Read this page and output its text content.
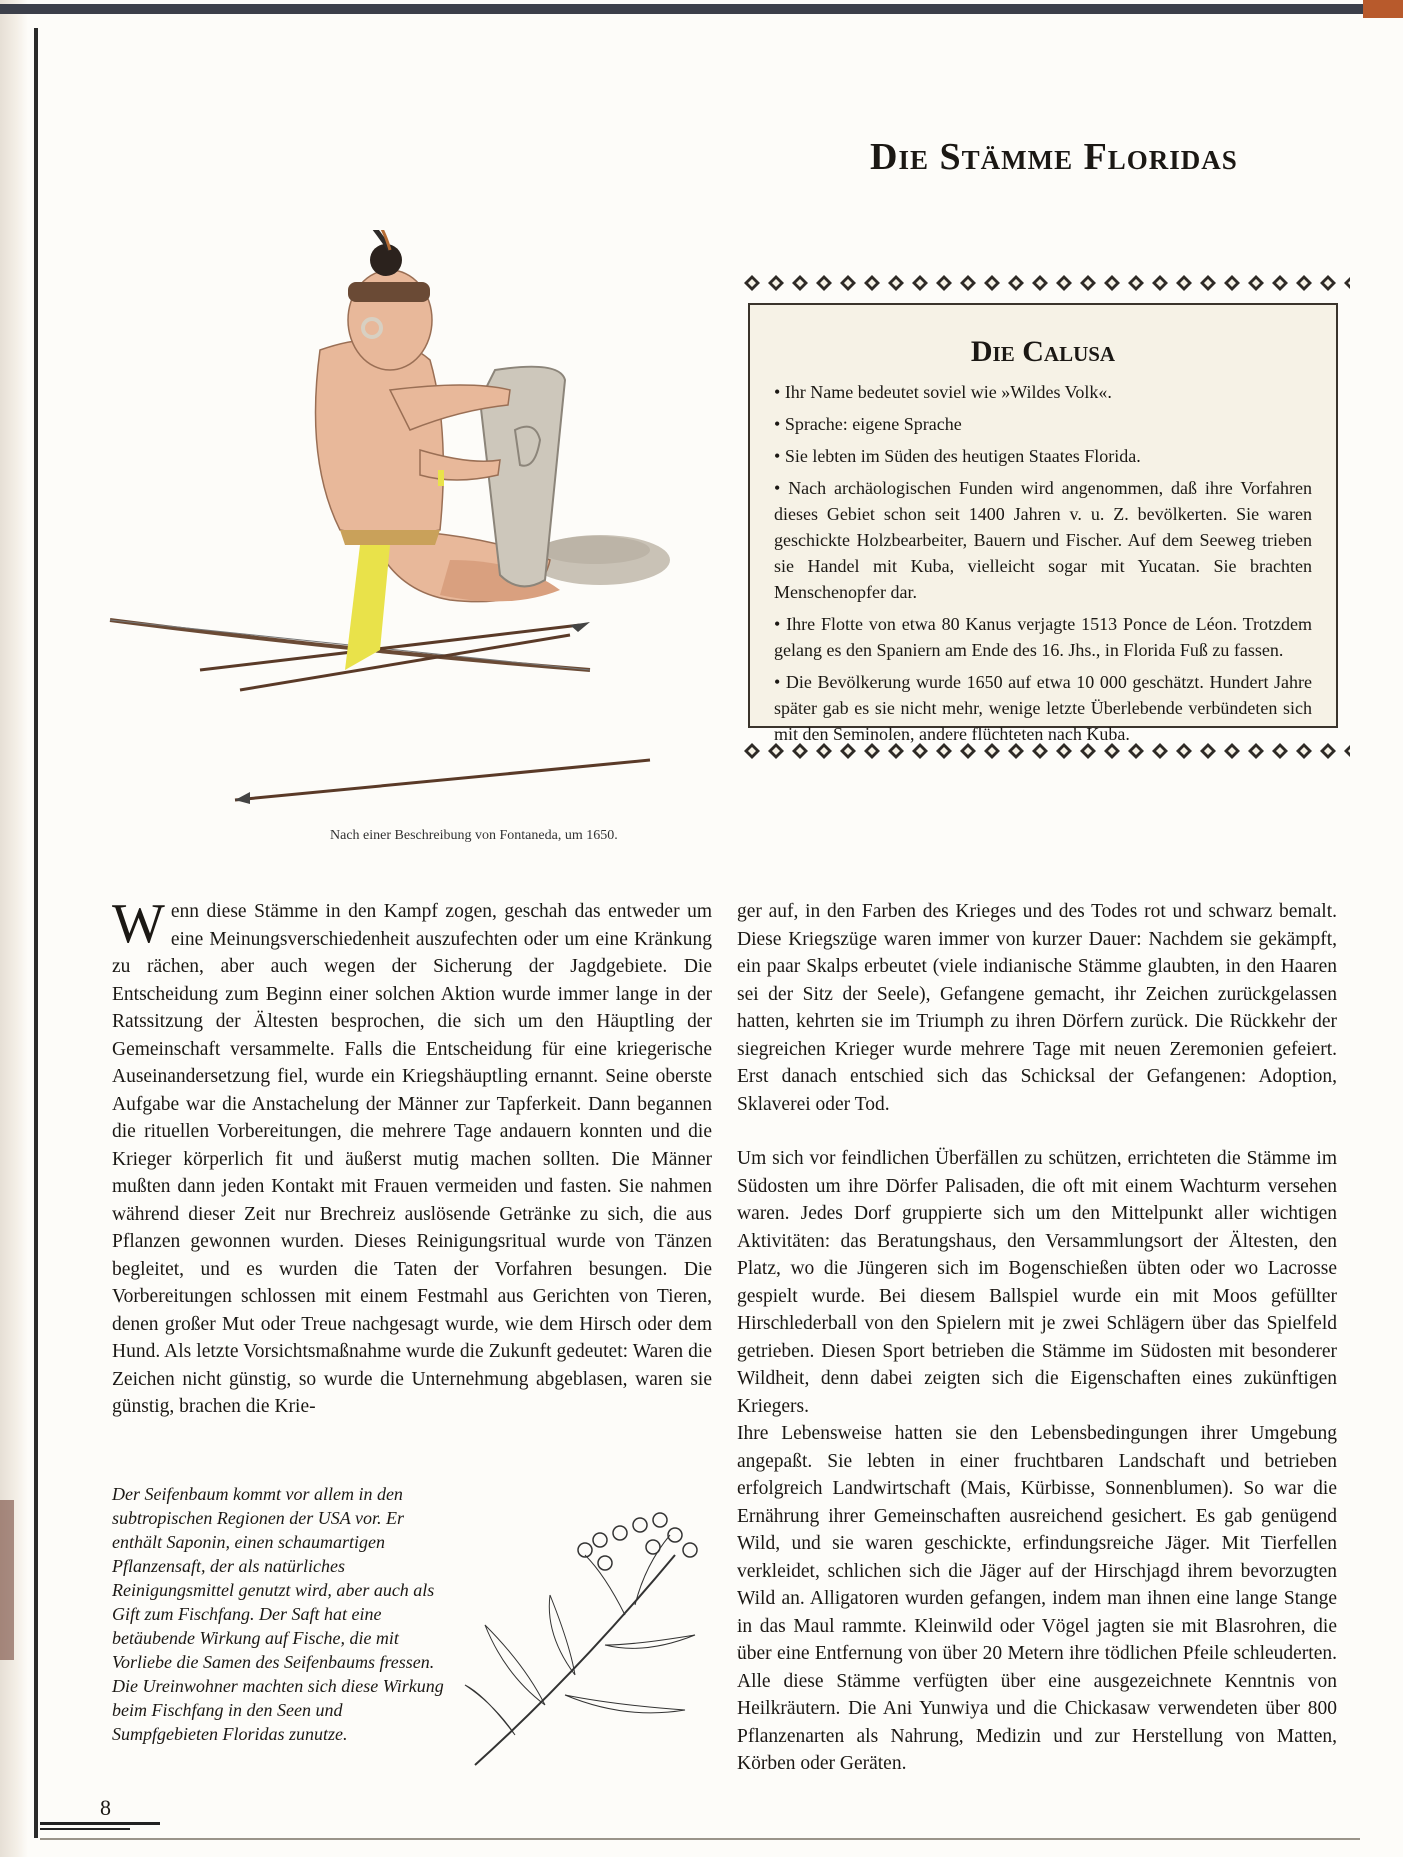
Die Stämme Floridas
Nach einer Beschreibung von Fontaneda, um 1650.
Die Calusa
• Ihr Name bedeutet soviel wie »Wildes Volk«.
• Sprache: eigene Sprache
• Sie lebten im Süden des heutigen Staates Florida.
• Nach archäologischen Funden wird angenommen, daß ihre Vorfahren dieses Gebiet schon seit 1400 Jahren v. u. Z. bevölkerten. Sie waren geschickte Holzbearbeiter, Bauern und Fischer. Auf dem Seeweg trieben sie Handel mit Kuba, vielleicht sogar mit Yucatan. Sie brachten Menschenopfer dar.
• Ihre Flotte von etwa 80 Kanus verjagte 1513 Ponce de Léon. Trotzdem gelang es den Spaniern am Ende des 16. Jhs., in Florida Fuß zu fassen.
• Die Bevölkerung wurde 1650 auf etwa 10 000 geschätzt. Hundert Jahre später gab es sie nicht mehr, wenige letzte Überlebende verbündeten sich mit den Seminolen, andere flüchteten nach Kuba.

Wenn diese Stämme in den Kampf zogen, geschah das entweder um eine Meinungsverschiedenheit auszufechten oder um eine Kränkung zu rächen, aber auch wegen der Sicherung der Jagdgebiete. Die Entscheidung zum Beginn einer solchen Aktion wurde immer lange in der Ratssitzung der Ältesten besprochen, die sich um den Häuptling der Gemeinschaft versammelte. Falls die Entscheidung für eine kriegerische Auseinandersetzung fiel, wurde ein Kriegshäuptling ernannt. Seine oberste Aufgabe war die Anstachelung der Männer zur Tapferkeit. Dann begannen die rituellen Vorbereitungen, die mehrere Tage andauern konnten und die Krieger körperlich fit und äußerst mutig machen sollten. Die Männer mußten dann jeden Kontakt mit Frauen vermeiden und fasten. Sie nahmen während dieser Zeit nur Brechreiz auslösende Getränke zu sich, die aus Pflanzen gewonnen wurden. Dieses Reinigungsritual wurde von Tänzen begleitet, und es wurden die Taten der Vorfahren besungen. Die Vorbereitungen schlossen mit einem Festmahl aus Gerichten von Tieren, denen großer Mut oder Treue nachgesagt wurde, wie dem Hirsch oder dem Hund. Als letzte Vorsichtsmaßnahme wurde die Zukunft gedeutet: Waren die Zeichen nicht günstig, so wurde die Unternehmung abgeblasen, waren sie günstig, brachen die Krie-

ger auf, in den Farben des Krieges und des Todes rot und schwarz bemalt. Diese Kriegszüge waren immer von kurzer Dauer: Nachdem sie gekämpft, ein paar Skalps erbeutet (viele indianische Stämme glaubten, in den Haaren sei der Sitz der Seele), Gefangene gemacht, ihr Zeichen zurückgelassen hatten, kehrten sie im Triumph zu ihren Dörfern zurück. Die Rückkehr der siegreichen Krieger wurde mehrere Tage mit neuen Zeremonien gefeiert. Erst danach entschied sich das Schicksal der Gefangenen: Adoption, Sklaverei oder Tod.

Um sich vor feindlichen Überfällen zu schützen, errichteten die Stämme im Südosten um ihre Dörfer Palisaden, die oft mit einem Wachturm versehen waren. Jedes Dorf gruppierte sich um den Mittelpunkt aller wichtigen Aktivitäten: das Beratungshaus, den Versammlungsort der Ältesten, den Platz, wo die Jüngeren sich im Bogenschießen übten oder wo Lacrosse gespielt wurde. Bei diesem Ballspiel wurde ein mit Moos gefüllter Hirschlederball von den Spielern mit je zwei Schlägern über das Spielfeld getrieben. Diesen Sport betrieben die Stämme im Südosten mit besonderer Wildheit, denn dabei zeigten sich die Eigenschaften eines zukünftigen Kriegers.

Ihre Lebensweise hatten sie den Lebensbedingungen ihrer Umgebung angepaßt. Sie lebten in einer fruchtbaren Landschaft und betrieben erfolgreich Landwirtschaft (Mais, Kürbisse, Sonnenblumen). So war die Ernährung ihrer Gemeinschaften ausreichend gesichert. Es gab genügend Wild, und sie waren geschickte, erfindungsreiche Jäger. Mit Tierfellen verkleidet, schlichen sich die Jäger auf der Hirschjagd ihrem bevorzugten Wild an. Alligatoren wurden gefangen, indem man ihnen eine lange Stange in das Maul rammte. Kleinwild oder Vögel jagten sie mit Blasrohren, die über eine Entfernung von über 20 Metern ihre tödlichen Pfeile schleuderten. Alle diese Stämme verfügten über eine ausgezeichnete Kenntnis von Heilkräutern. Die Ani Yunwiya und die Chickasaw verwendeten über 800 Pflanzenarten als Nahrung, Medizin und zur Herstellung von Matten, Körben oder Geräten.

Der Seifenbaum kommt vor allem in den subtropischen Regionen der USA vor. Er enthält Saponin, einen schaumartigen Pflanzensaft, der als natürliches Reinigungsmittel genutzt wird, aber auch als Gift zum Fischfang. Der Saft hat eine betäubende Wirkung auf Fische, die mit Vorliebe die Samen des Seifenbaums fressen. Die Ureinwohner machten sich diese Wirkung beim Fischfang in den Seen und Sumpfgebieten Floridas zunutze.
8
